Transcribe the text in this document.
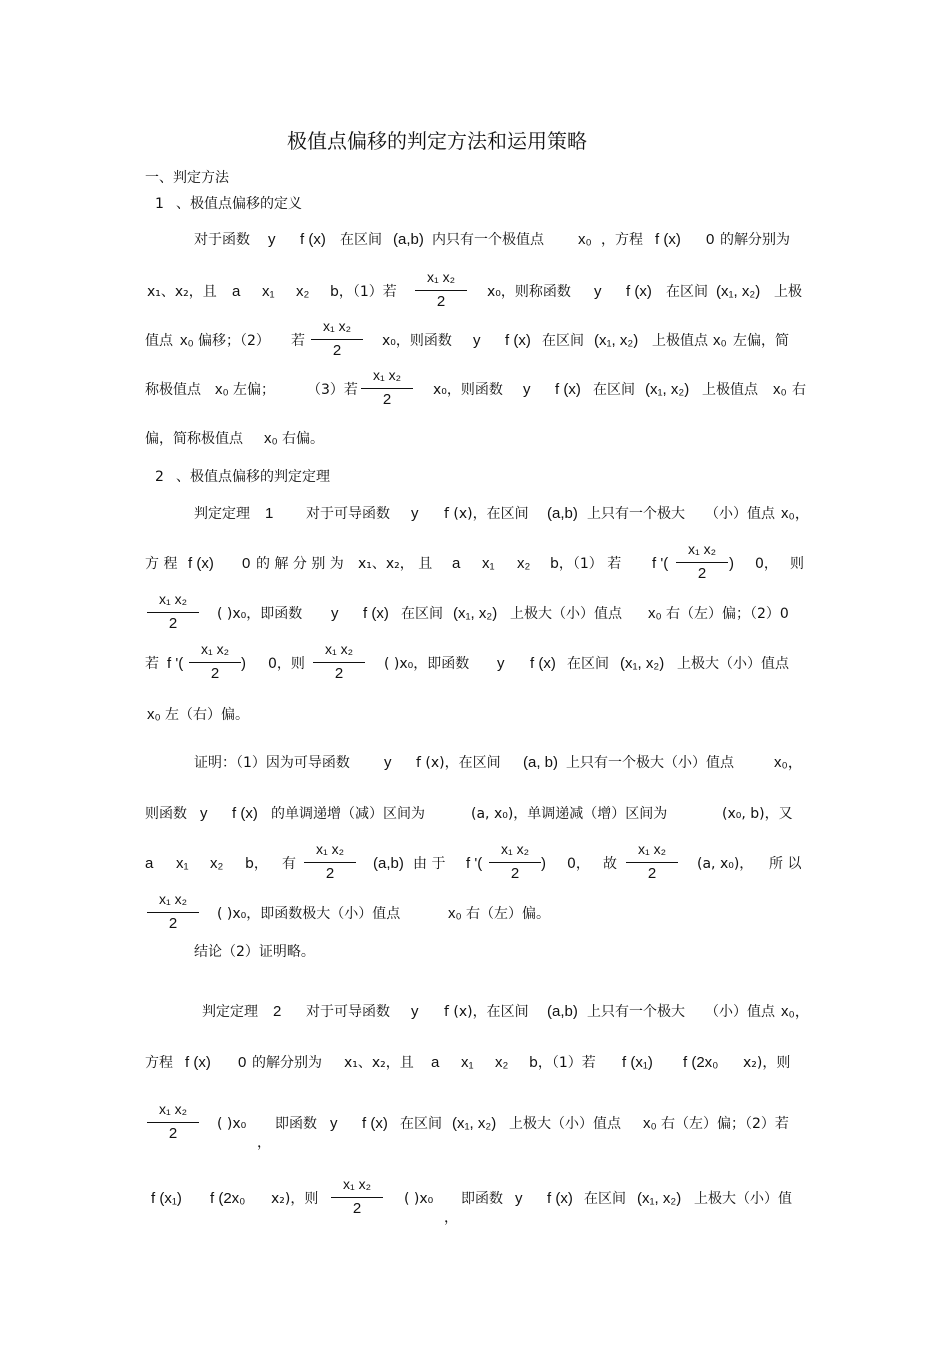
极值点偏移的判定方法和运用策略
一、判定方法
1 、极值点偏移的定义
对于函数 y f (x) 在区间 (a,b) 内只有一个极值点 x₀ ，方程 f (x) 0 的解分别为
x₁、x₂，且 a x₁ x₂ b，（1）若
x₁ x₂
2
x₀，则称函数 y f (x) 在区间 (x₁, x₂) 上极
值点 x₀ 偏移；（2） 若
x₁ x₂
2
x₀，则函数 y f (x) 在区间 (x₁, x₂) 上极值点 x₀ 左偏，简
称极值点 x₀ 左偏； （3）若
x₁ x₂
2
x₀，则函数 y f (x) 在区间 (x₁, x₂) 上极值点 x₀ 右
偏，简称极值点 x₀ 右偏。
2 、极值点偏移的判定定理
判定定理 1 对于可导函数 y f (x)，在区间 (a,b) 上只有一个极大 （小）值点 x₀，
方 程 f (x) 0 的 解 分 别 为 x₁、x₂， 且 a x₁ x₂ b，（1） 若 f '(
x₁ x₂
2
) 0， 则
x₁ x₂
2
( )x₀，即函数 y f (x) 在区间 (x₁, x₂) 上极大（小）值点 x₀ 右（左）偏；（2）0
若 f '(
x₁ x₂
2
) 0，则
x₁ x₂
2
( )x₀，即函数 y f (x) 在区间 (x₁, x₂) 上极大（小）值点
x₀ 左（右）偏。
证明：（1）因为可导函数 y f (x)，在区间 (a, b) 上只有一个极大（小）值点	x₀，
则函数 y f (x) 的单调递增（减）区间为	(a, x₀)，单调递减（增）区间为	(x₀, b)，又
a x₁ x₂ b， 有
x₁ x₂
2
(a,b) 由 于 f '(
x₁ x₂
2
) 0， 故
x₁ x₂
2
(a, x₀)， 所 以
x₁ x₂
2
( )x₀，即函数极大（小）值点	x₀ 右（左）偏。
结论（2）证明略。
判定定理 2 对于可导函数 y f (x)，在区间 (a,b) 上只有一个极大 （小）值点 x₀，
方程 f (x) 0 的解分别为 x₁、x₂，且 a x₁ x₂ b，（1）若 f (x₁) f (2x₀ x₂)，则
x₁ x₂
2
( )x₀
，
即函数 y f (x) 在区间 (x₁, x₂) 上极大（小）值点 x₀ 右（左）偏；（2）若
f (x₁) f (2x₀ x₂)，则
x₁ x₂
2
( )x₀
，
即函数 y f (x) 在区间 (x₁, x₂) 上极大（小）值
